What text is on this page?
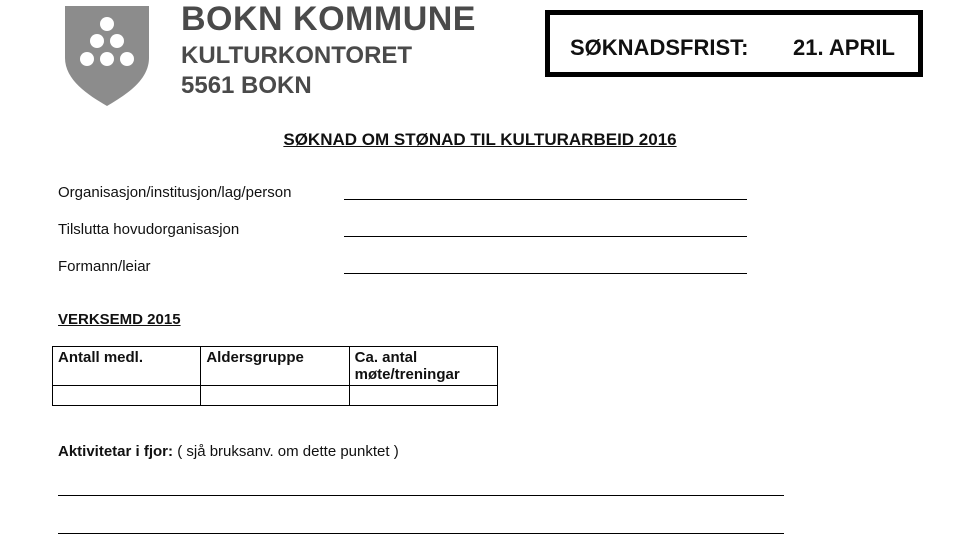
BOKN KOMMUNE
KULTURKONTORET
5561 BOKN
SØKNADSFRIST: 21. APRIL
SØKNAD OM STØNAD TIL KULTURARBEID 2016
Organisasjon/institusjon/lag/person
Tilslutta hovudorganisasjon
Formann/leiar
VERKSEMD 2015
Antall medl.	Aldersgruppe	Ca. antal møte/treningar

Aktivitetar i fjor: ( sjå bruksanv. om dette punktet )
